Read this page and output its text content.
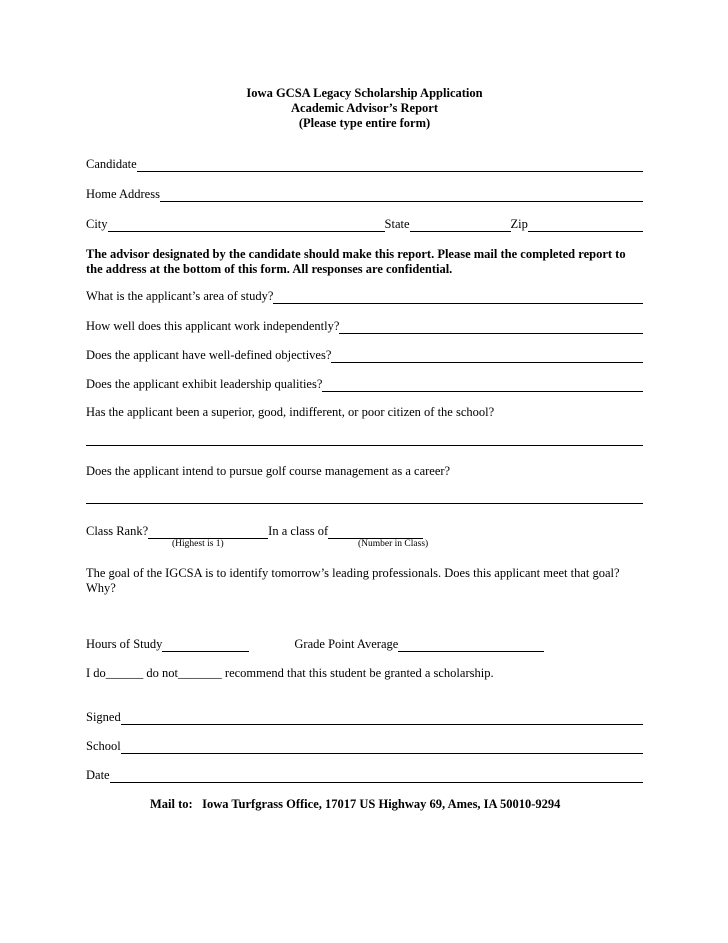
Iowa GCSA Legacy Scholarship Application
Academic Advisor’s Report
(Please type entire form)
Candidate
Home Address
City	State	Zip
The advisor designated by the candidate should make this report. Please mail the completed report to the address at the bottom of this form. All responses are confidential.
What is the applicant’s area of study?
How well does this applicant work independently?
Does the applicant have well-defined objectives?
Does the applicant exhibit leadership qualities?
Has the applicant been a superior, good, indifferent, or poor citizen of the school?
Does the applicant intend to pursue golf course management as a career?
Class Rank?	In a class of
(Highest is 1)	(Number in Class)
The goal of the IGCSA is to identify tomorrow’s leading professionals. Does this applicant meet that goal? Why?
Hours of Study	Grade Point Average
I do______ do not_______ recommend that this student be granted a scholarship.
Signed
School
Date
Mail to: Iowa Turfgrass Office, 17017 US Highway 69, Ames, IA 50010-9294
